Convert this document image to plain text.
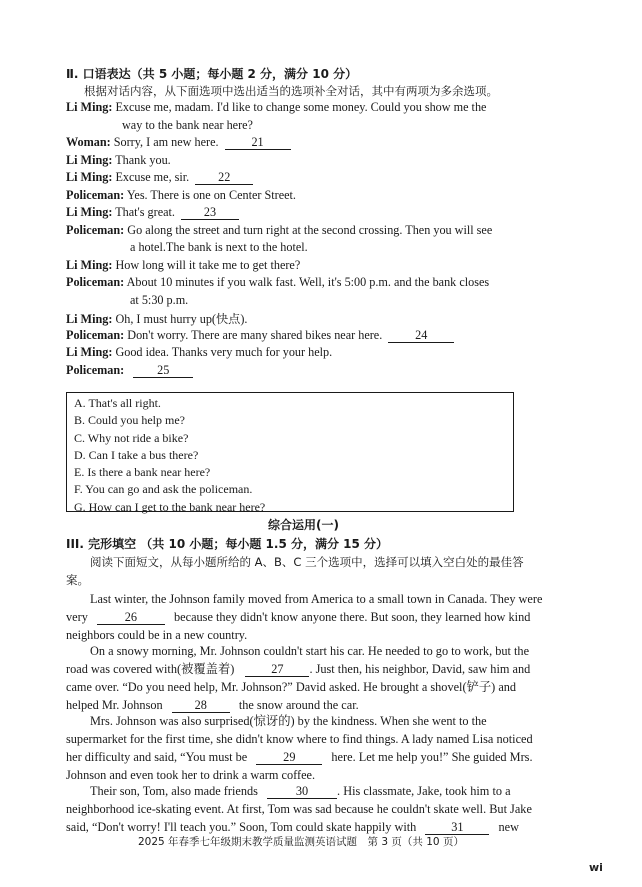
Ⅱ. 口语表达（共 5 小题；每小题 2 分，满分 10 分）
根据对话内容，从下面选项中选出适当的选项补全对话，其中有两项为多余选项。
Li Ming: Excuse me, madam. I'd like to change some money. Could you show me the
way to the bank near here?
Woman: Sorry, I am new here.	21
Li Ming: Thank you.
Li Ming: Excuse me, sir. 22
Policeman: Yes. There is one on Center Street.
Li Ming: That's great. 23
Policeman: Go along the street and turn right at the second crossing. Then you will see
a hotel.The bank is next to the hotel.
Li Ming: How long will it take me to get there?
Policeman: About 10 minutes if you walk fast. Well, it's 5:00 p.m. and the bank closes
at 5:30 p.m.
Li Ming: Oh, I must hurry up(快点).
Policeman: Don't worry. There are many shared bikes near here.	24
Li Ming: Good idea. Thanks very much for your help.
Policeman:	25
A. That's all right.
B. Could you help me?
C. Why not ride a bike?
D. Can I take a bus there?
E. Is there a bank near here?
F. You can go and ask the policeman.
G. How can I get to the bank near here?
综合运用(一)
III. 完形填空 （共 10 小题；每小题 1.5 分，满分 15 分）
阅读下面短文，从每小题所给的 A、B、C 三个选项中，选择可以填入空白处的最佳答
案。
Last winter, the Johnson family moved from America to a small town in Canada. They were
very	26	because they didn't know anyone there. But soon, they learned how kind
neighbors could be in a new country.
On a snowy morning, Mr. Johnson couldn't start his car. He needed to go to work, but the
road was covered with(被覆盖着)	27 . Just then, his neighbor, David, saw him and
came over. “Do you need help, Mr. Johnson?” David asked. He brought a shovel(铲子) and
helped Mr. Johnson	28	the snow around the car.
Mrs. Johnson was also surprised(惊讶的) by the kindness. When she went to the
supermarket for the first time, she didn't know where to find things. A lady named Lisa noticed
her difficulty and said, “You must be	29	here. Let me help you!” She guided Mrs.
Johnson and even took her to drink a warm coffee.
Their son, Tom, also made friends	30 . His classmate, Jake, took him to a
neighborhood ice-skating event. At first, Tom was sad because he couldn't skate well. But Jake
said, “Don't worry! I'll teach you.” Soon, Tom could skate happily with	31	new
2025 年春季七年级期末教学质量监测英语试题　第 3 页（共 10 页）
wi
